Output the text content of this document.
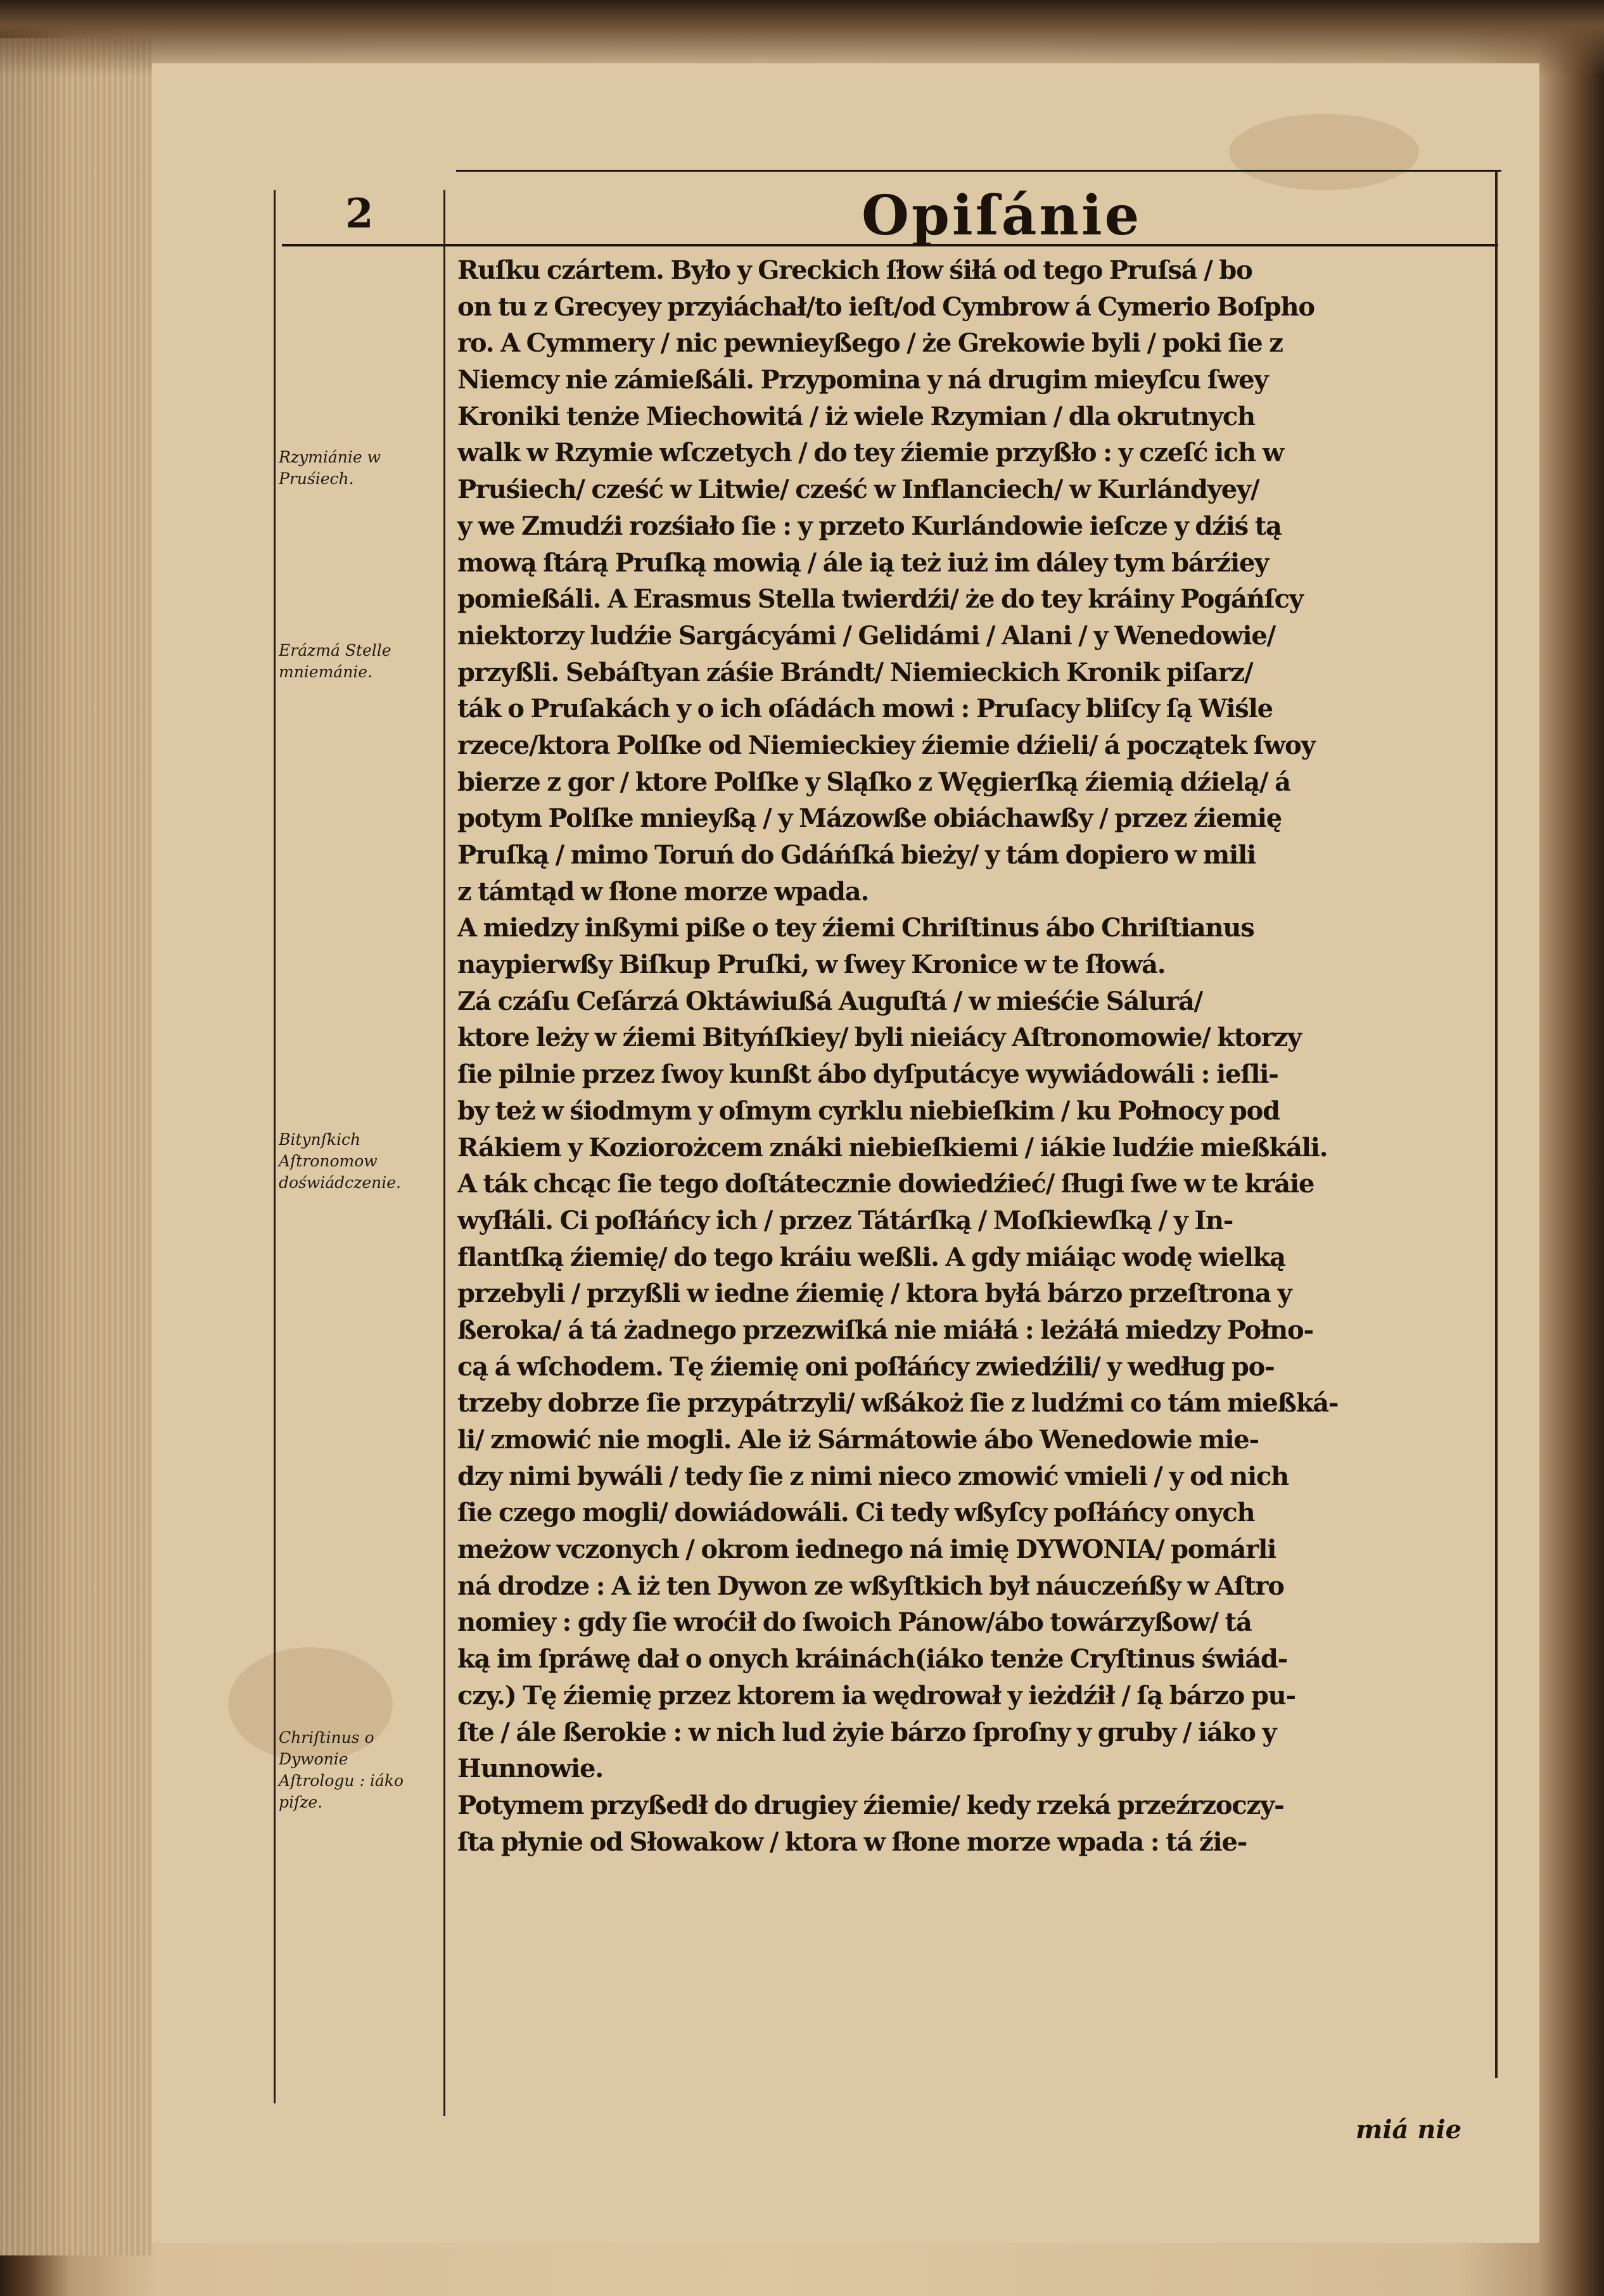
2	Opiſánie
Rzymiánie w Pruśiech.
Erázmá Stelle mniemánie.
Bitynſkich Aſtronomow doświádczenie.
Chriſtinus o Dywonie Aſtrologu : iáko piſze.
Ruſku czártem. Było y Greckich ſłow śiłá od tego Pruſsá / bo
on tu z Grecyey przyiáchał/to ieſt/od Cymbrow á Cymerio Boſpho
ro. A Cymmery / nic pewnieyßego / że Grekowie byli / poki ſie z
Niemcy nie zámießáli. Przypomina y ná drugim mieyſcu ſwey
Kroniki tenże Miechowitá / iż wiele Rzymian / dla okrutnych
walk w Rzymie wſczetych / do tey źiemie przyßło : y czeſć ich w
Pruśiech/ cześć w Litwie/ cześć w Inflanciech/ w Kurlándyey/
y we Zmudźi rozśiało ſie : y przeto Kurlándowie ieſcze y dźiś tą
mową ſtárą Pruſką mowią / ále ią też iuż im dáley tym bárźiey
pomießáli. A Erasmus Stella twierdźi/ że do tey kráiny Pogáńſcy
niektorzy ludźie Sargácyámi / Gelidámi / Alani / y Wenedowie/
przyßli. Sebáſtyan záśie Brándt/ Niemieckich Kronik piſarz/
ták o Pruſakách y o ich oſádách mowi : Pruſacy bliſcy ſą Wiśle
rzece/ktora Polſke od Niemieckiey źiemie dźieli/ á początek ſwoy
bierze z gor / ktore Polſke y Sląſko z Węgierſką źiemią dźielą/ á
potym Polſke mnieyßą / y Mázowße obiáchawßy / przez źiemię
Pruſką / mimo Toruń do Gdáńſká bieży/ y tám dopiero w mili
z támtąd w ſłone morze wpada.
A miedzy inßymi piße o tey źiemi Chriſtinus ábo Chriſtianus
naypierwßy Biſkup Pruſki, w ſwey Kronice w te ſłowá.
Zá czáſu Ceſárzá Oktáwiußá Auguſtá / w mieśćie Sálurá/
ktore leży w źiemi Bityńſkiey/ byli nieiácy Aſtronomowie/ ktorzy
ſie pilnie przez ſwoy kunßt ábo dyſputácye wywiádowáli : ieſli-
by też w śiodmym y oſmym cyrklu niebieſkim / ku Połnocy pod
Rákiem y Koziorożcem znáki niebieſkiemi / iákie ludźie mießkáli.
A ták chcąc ſie tego doſtátecznie dowiedźieć/ ſługi ſwe w te kráie
wyſłáli. Ci poſłáńcy ich / przez Tátárſką / Moſkiewſką / y In-
flantſką źiemię/ do tego kráiu weßli. A gdy miáiąc wodę wielką
przebyli / przyßli w iedne źiemię / ktora byłá bárzo przeſtrona y
ßeroka/ á tá żadnego przezwiſká nie miáłá : leżáłá miedzy Połno-
cą á wſchodem. Tę źiemię oni poſłáńcy zwiedźili/ y według po-
trzeby dobrze ſie przypátrzyli/ wßákoż ſie z ludźmi co tám mießká-
li/ zmowić nie mogli. Ale iż Sármátowie ábo Wenedowie mie-
dzy nimi bywáli / tedy ſie z nimi nieco zmowić vmieli / y od nich
ſie czego mogli/ dowiádowáli. Ci tedy wßyſcy poſłáńcy onych
meżow vczonych / okrom iednego ná imię DYWONIA/ pomárli
ná drodze : A iż ten Dywon ze wßyſtkich był náuczeńßy w Aſtro
nomiey : gdy ſie wroćił do ſwoich Pánow/ábo towárzyßow/ tá
ką im ſpráwę dał o onych kráinách(iáko tenże Cryſtinus świád-
czy.) Tę źiemię przez ktorem ia wędrował y ieżdźił / ſą bárzo pu-
ſte / ále ßerokie : w nich lud żyie bárzo ſproſny y gruby / iáko y
Hunnowie.
Potymem przyßedł do drugiey źiemie/ kedy rzeká przeźrzoczy-
ſta płynie od Słowakow / ktora w ſłone morze wpada : tá źie-
miá nie
